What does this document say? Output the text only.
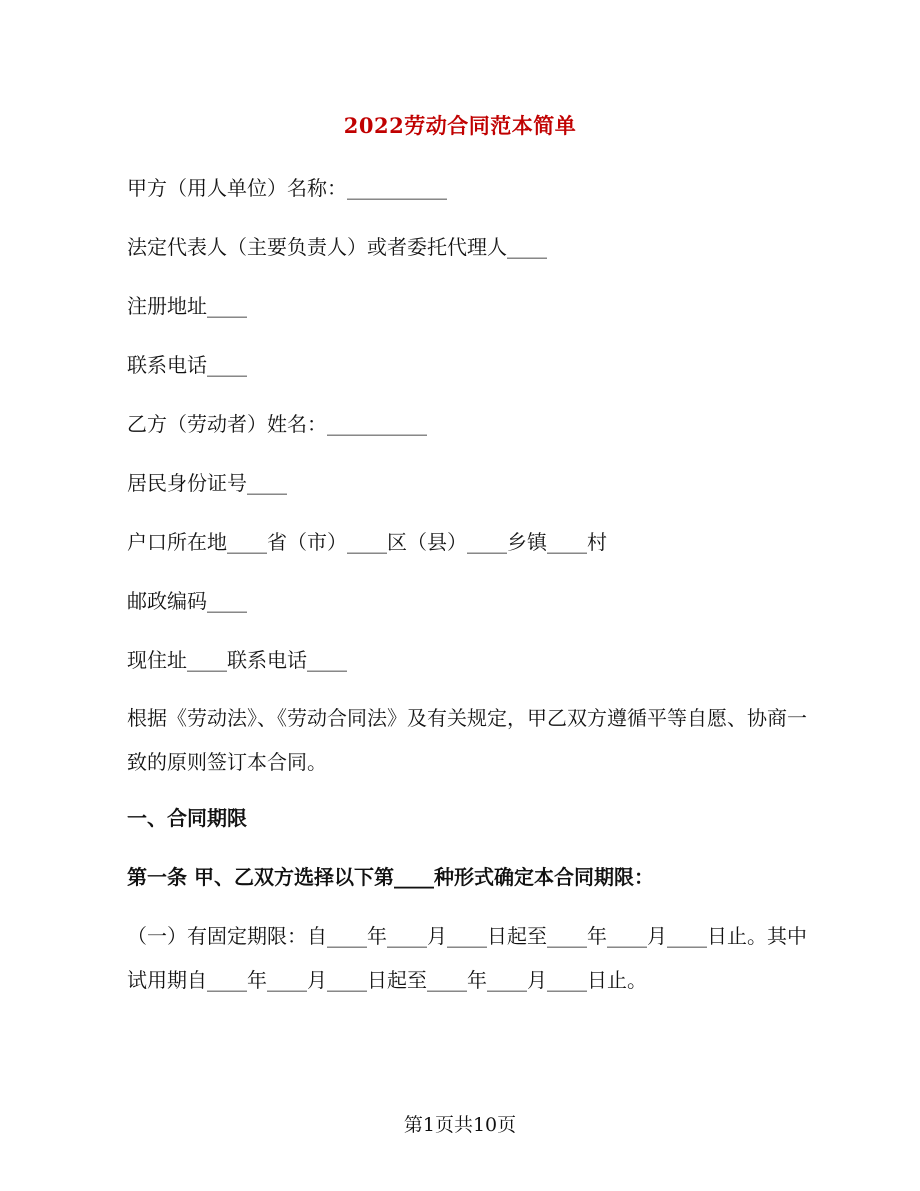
2022劳动合同范本简单
甲方（用人单位）名称：__________
法定代表人（主要负责人）或者委托代理人____
注册地址____
联系电话____
乙方（劳动者）姓名：__________
居民身份证号____
户口所在地____省（市）____区（县）____乡镇____村
邮政编码____
现住址____联系电话____
根据《劳动法》、《劳动合同法》及有关规定，甲乙双方遵循平等自愿、协商一致的原则签订本合同。
一、合同期限
第一条 甲、乙双方选择以下第____种形式确定本合同期限：
（一）有固定期限：自____年____月____日起至____年____月____日止。其中试用期自____年____月____日起至____年____月____日止。
第1页共10页
